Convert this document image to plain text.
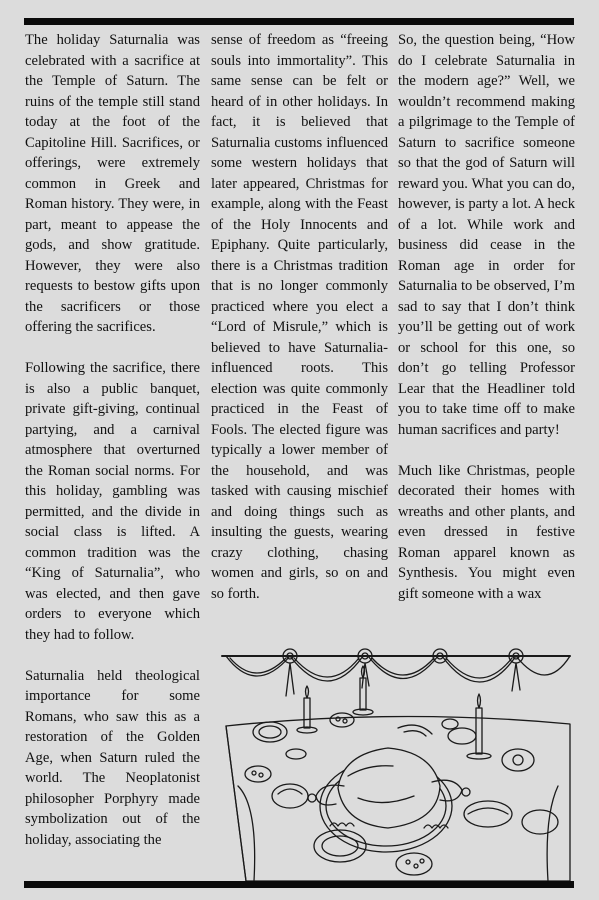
The holiday Saturnalia was celebrated with a sacrifice at the Temple of Saturn. The ruins of the temple still stand today at the foot of the Capitoline Hill. Sacrifices, or offerings, were extremely common in Greek and Roman history. They were, in part, meant to appease the gods, and show gratitude. However, they were also requests to bestow gifts upon the sacrificers or those offering the sacrifices.

Following the sacrifice, there is also a public banquet, private gift-giving, continual partying, and a carnival atmosphere that overturned the Roman social norms. For this holiday, gambling was permitted, and the divide in social class is lifted. A common tradition was the “King of Saturnalia”, who was elected, and then gave orders to everyone which they had to follow.

Saturnalia held theological importance for some Romans, who saw this as a restoration of the Golden Age, when Saturn ruled the world. The Neoplatonist philosopher Porphyry made symbolization out of the holiday, associating the

sense of freedom as “freeing souls into immortality”. This same sense can be felt or heard of in other holidays. In fact, it is believed that Saturnalia customs influenced some western holidays that later appeared, Christmas for example, along with the Feast of the Holy Innocents and Epiphany. Quite particularly, there is a Christmas tradition that is no longer commonly practiced where you elect a “Lord of Misrule,” which is believed to have Saturnalia-influenced roots. This election was quite commonly practiced in the Feast of Fools. The elected figure was typically a lower member of the household, and was tasked with causing mischief and doing things such as insulting the guests, wearing crazy clothing, chasing women and girls, so on and so forth.

So, the question being, “How do I celebrate Saturnalia in the modern age?” Well, we wouldn’t recommend making a pilgrimage to the Temple of Saturn to sacrifice someone so that the god of Saturn will reward you. What you can do, however, is party a lot. A heck of a lot. While work and business did cease in the Roman age in order for Saturnalia to be observed, I’m sad to say that I don’t think you’ll be getting out of work or school for this one, so don’t go telling Professor Lear that the Headliner told you to take time off to make human sacrifices and party!

Much like Christmas, people decorated their homes with wreaths and other plants, and even dressed in festive Roman apparel known as Synthesis. You might even gift someone with a wax
